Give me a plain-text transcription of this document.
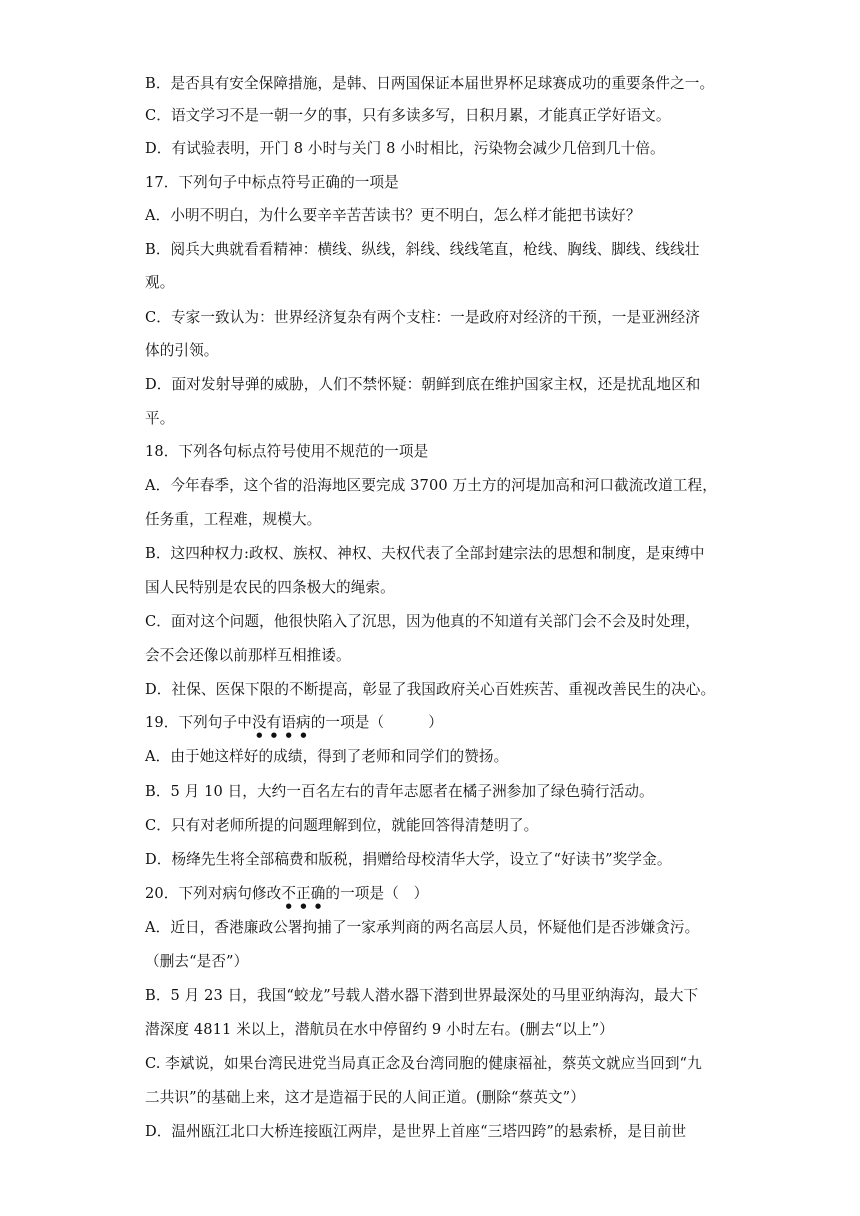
B．是否具有安全保障措施，是韩、日两国保证本届世界杯足球赛成功的重要条件之一。
C．语文学习不是一朝一夕的事，只有多读多写，日积月累，才能真正学好语文。
D．有试验表明，开门 8 小时与关门 8 小时相比，污染物会减少几倍到几十倍。
17．下列句子中标点符号正确的一项是
A．小明不明白，为什么要辛辛苦苦读书？更不明白，怎么样才能把书读好？
B．阅兵大典就看看精神：横线、纵线，斜线、线线笔直，枪线、胸线、脚线、线线壮
观。
C．专家一致认为：世界经济复杂有两个支柱：一是政府对经济的干预，一是亚洲经济
体的引领。
D．面对发射导弹的威胁，人们不禁怀疑：朝鲜到底在维护国家主权，还是扰乱地区和
平。
18．下列各句标点符号使用不规范的一项是
A．今年春季，这个省的沿海地区要完成 3700 万土方的河堤加高和河口截流改道工程，
任务重，工程难，规模大。
B．这四种权力:政权、族权、神权、夫权代表了全部封建宗法的思想和制度，是束缚中
国人民特别是农民的四条极大的绳索。
C．面对这个问题，他很快陷入了沉思，因为他真的不知道有关部门会不会及时处理，
会不会还像以前那样互相推诿。
D．社保、医保下限的不断提高，彰显了我国政府关心百姓疾苦、重视改善民生的决心。
19．下列句子中没有语病的一项是（　　　）
A．由于她这样好的成绩，得到了老师和同学们的赞扬。
B．5 月 10 日，大约一百名左右的青年志愿者在橘子洲参加了绿色骑行活动。
C．只有对老师所提的问题理解到位，就能回答得清楚明了。
D．杨绛先生将全部稿费和版税，捐赠给母校清华大学，设立了“好读书”奖学金。
20．下列对病句修改不正确的一项是（　）
A．近日，香港廉政公署拘捕了一家承判商的两名高层人员，怀疑他们是否涉嫌贪污。
（删去“是否”）
B．5 月 23 日，我国“蛟龙”号载人潜水器下潜到世界最深处的马里亚纳海沟，最大下
潜深度 4811 米以上，潜航员在水中停留约 9 小时左右。(删去“以上”）
C. 李斌说，如果台湾民进党当局真正念及台湾同胞的健康福祉，蔡英文就应当回到“九
二共识”的基础上来，这才是造福于民的人间正道。(删除“蔡英文”）
D．温州瓯江北口大桥连接瓯江两岸，是世界上首座“三塔四跨”的悬索桥，是目前世
